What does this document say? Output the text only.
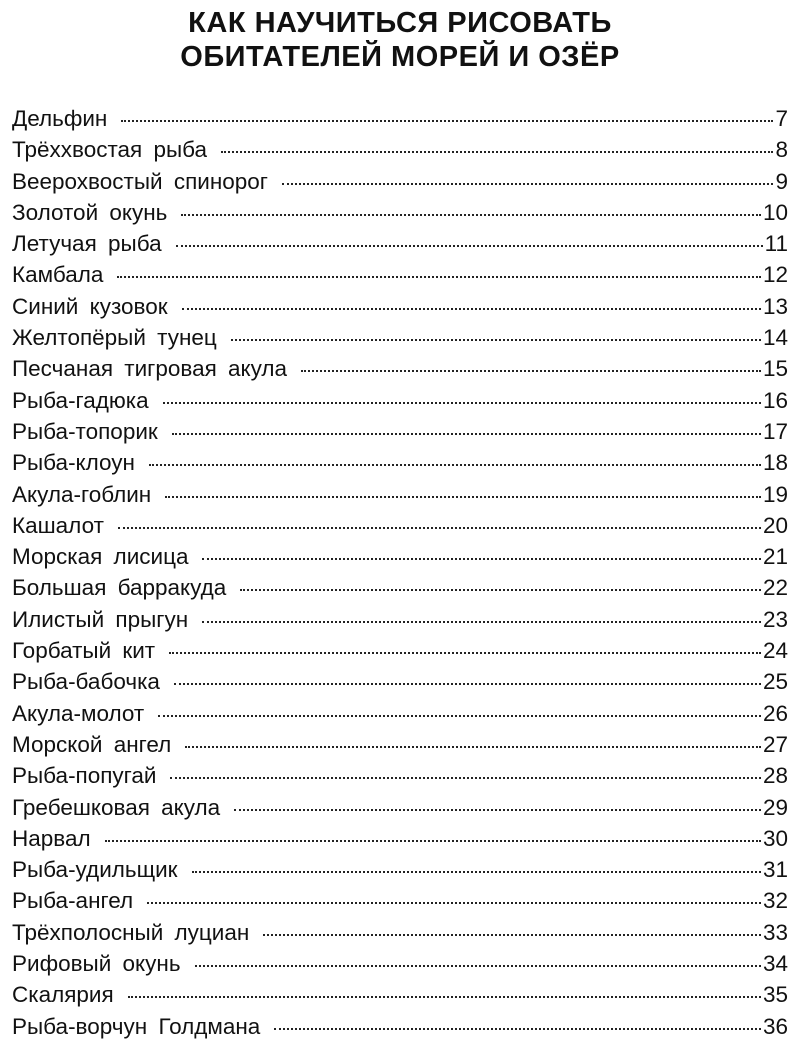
КАК НАУЧИТЬСЯ РИСОВАТЬ
ОБИТАТЕЛЕЙ МОРЕЙ И ОЗЁР
Дельфин	7
Трёххвостая рыба	8
Веерохвостый спинорог	9
Золотой окунь	10
Летучая рыба	11
Камбала	12
Синий кузовок	13
Желтопёрый тунец	14
Песчаная тигровая акула	15
Рыба-гадюка	16
Рыба-топорик	17
Рыба-клоун	18
Акула-гоблин	19
Кашалот	20
Морская лисица	21
Большая барракуда	22
Илистый прыгун	23
Горбатый кит	24
Рыба-бабочка	25
Акула-молот	26
Морской ангел	27
Рыба-попугай	28
Гребешковая акула	29
Нарвал	30
Рыба-удильщик	31
Рыба-ангел	32
Трёхполосный луциан	33
Рифовый окунь	34
Скалярия	35
Рыба-ворчун Голдмана	36
